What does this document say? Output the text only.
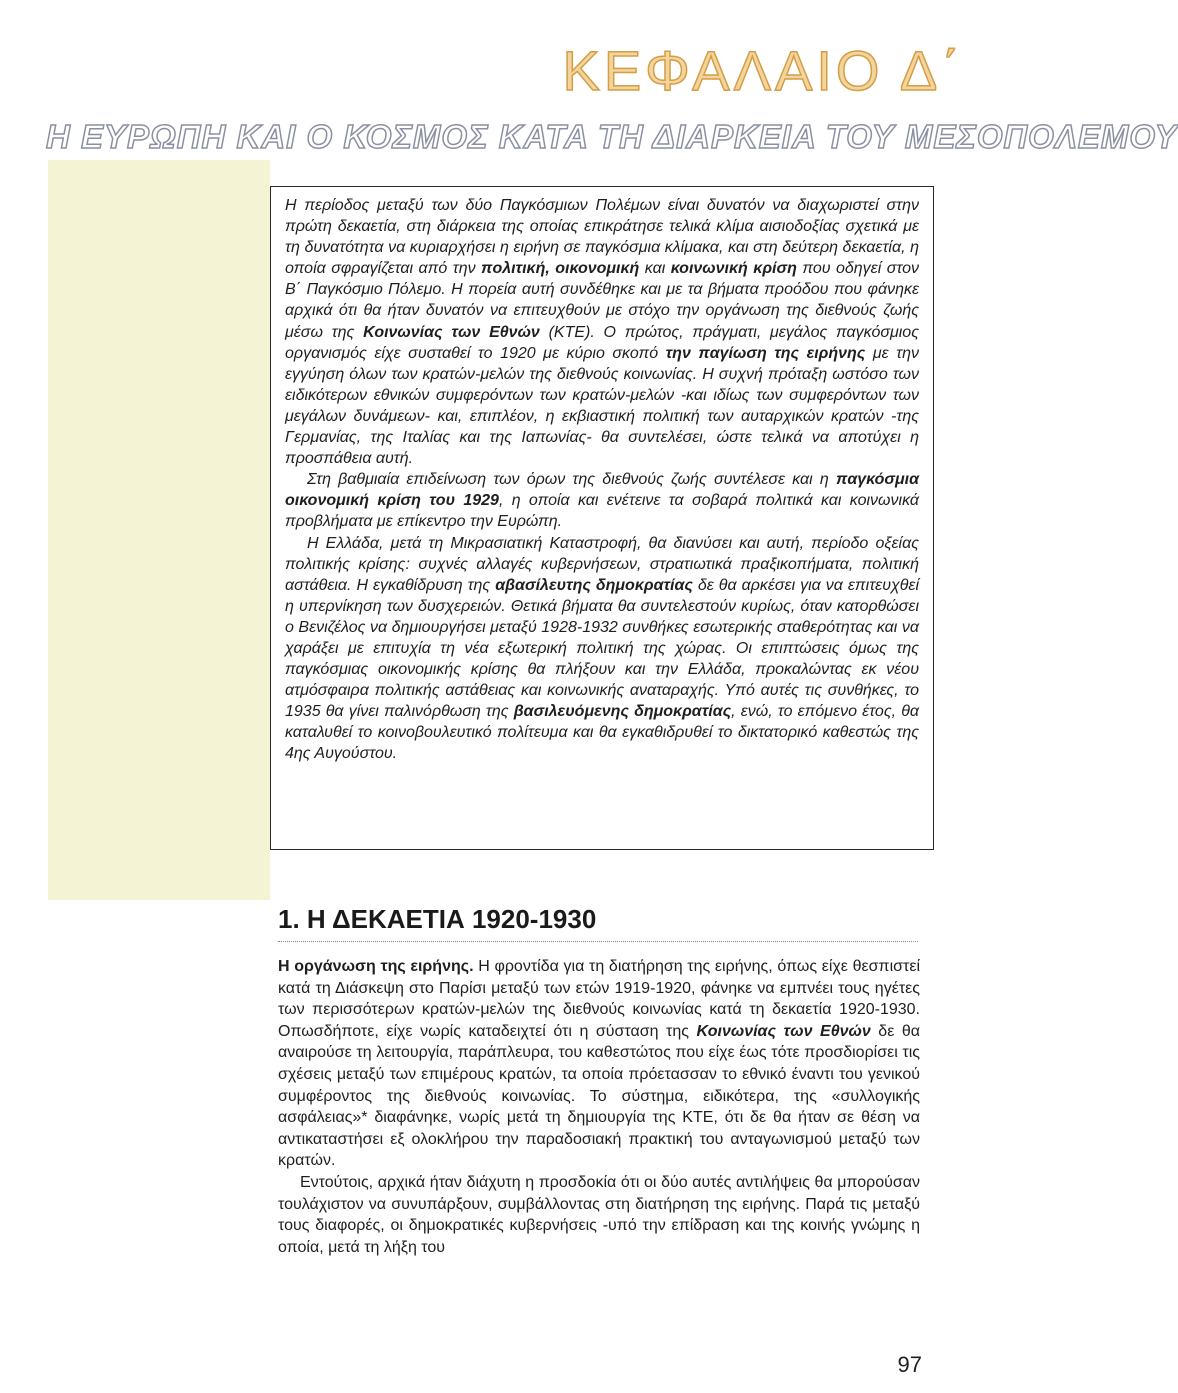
ΚΕΦΑΛΑΙΟ Δ΄
Η ΕΥΡΩΠΗ ΚΑΙ Ο ΚΟΣΜΟΣ ΚΑΤΑ ΤΗ ΔΙΑΡΚΕΙΑ ΤΟΥ ΜΕΣΟΠΟΛΕΜΟΥ

Η περίοδος μεταξύ των δύο Παγκόσμιων Πολέμων είναι δυνατόν να διαχωριστεί στην πρώτη δεκαετία, στη διάρκεια της οποίας επικράτησε τελικά κλίμα αισιοδοξίας σχετικά με τη δυνατότητα να κυριαρχήσει η ειρήνη σε παγκόσμια κλίμακα, και στη δεύτερη δεκαετία, η οποία σφραγίζεται από την πολιτική, οικονομική και κοινωνική κρίση που οδηγεί στον Β΄ Παγκόσμιο Πόλεμο. Η πορεία αυτή συνδέθηκε και με τα βήματα προόδου που φάνηκε αρχικά ότι θα ήταν δυνατόν να επιτευχθούν με στόχο την οργάνωση της διεθνούς ζωής μέσω της Κοινωνίας των Εθνών (ΚΤΕ). Ο πρώτος, πράγματι, μεγάλος παγκόσμιος οργανισμός είχε συσταθεί το 1920 με κύριο σκοπό την παγίωση της ειρήνης με την εγγύηση όλων των κρατών-μελών της διεθνούς κοινωνίας. Η συχνή πρόταξη ωστόσο των ειδικότερων εθνικών συμφερόντων των κρατών-μελών -και ιδίως των συμφερόντων των μεγάλων δυνάμεων- και, επιπλέον, η εκβιαστική πολιτική των αυταρχικών κρατών -της Γερμανίας, της Ιταλίας και της Ιαπωνίας- θα συντελέσει, ώστε τελικά να αποτύχει η προσπάθεια αυτή.

Στη βαθμιαία επιδείνωση των όρων της διεθνούς ζωής συντέλεσε και η παγκόσμια οικονομική κρίση του 1929, η οποία και ενέτεινε τα σοβαρά πολιτικά και κοινωνικά προβλήματα με επίκεντρο την Ευρώπη.

Η Ελλάδα, μετά τη Μικρασιατική Καταστροφή, θα διανύσει και αυτή, περίοδο οξείας πολιτικής κρίσης: συχνές αλλαγές κυβερνήσεων, στρατιωτικά πραξικοπήματα, πολιτική αστάθεια. Η εγκαθίδρυση της αβασίλευτης δημοκρατίας δε θα αρκέσει για να επιτευχθεί η υπερνίκηση των δυσχερειών. Θετικά βήματα θα συντελεστούν κυρίως, όταν κατορθώσει ο Βενιζέλος να δημιουργήσει μεταξύ 1928-1932 συνθήκες εσωτερικής σταθερότητας και να χαράξει με επιτυχία τη νέα εξωτερική πολιτική της χώρας. Οι επιπτώσεις όμως της παγκόσμιας οικονομικής κρίσης θα πλήξουν και την Ελλάδα, προκαλώντας εκ νέου ατμόσφαιρα πολιτικής αστάθειας και κοινωνικής αναταραχής. Υπό αυτές τις συνθήκες, το 1935 θα γίνει παλινόρθωση της βασιλευόμενης δημοκρατίας, ενώ, το επόμενο έτος, θα καταλυθεί το κοινοβουλευτικό πολίτευμα και θα εγκαθιδρυθεί το δικτατορικό καθεστώς της 4ης Αυγούστου.

1. Η ΔΕΚΑΕΤΙΑ 1920-1930

Η οργάνωση της ειρήνης. Η φροντίδα για τη διατήρηση της ειρήνης, όπως είχε θεσπιστεί κατά τη Διάσκεψη στο Παρίσι μεταξύ των ετών 1919-1920, φάνηκε να εμπνέει τους ηγέτες των περισσότερων κρατών-μελών της διεθνούς κοινωνίας κατά τη δεκαετία 1920-1930. Οπωσδήποτε, είχε νωρίς καταδειχτεί ότι η σύσταση της Κοινωνίας των Εθνών δε θα αναιρούσε τη λειτουργία, παράπλευρα, του καθεστώτος που είχε έως τότε προσδιορίσει τις σχέσεις μεταξύ των επιμέρους κρατών, τα οποία πρόετασσαν το εθνικό έναντι του γενικού συμφέροντος της διεθνούς κοινωνίας. Το σύστημα, ειδικότερα, της «συλλογικής ασφάλειας»* διαφάνηκε, νωρίς μετά τη δημιουργία της ΚΤΕ, ότι δε θα ήταν σε θέση να αντικαταστήσει εξ ολοκλήρου την παραδοσιακή πρακτική του ανταγωνισμού μεταξύ των κρατών.

Εντούτοις, αρχικά ήταν διάχυτη η προσδοκία ότι οι δύο αυτές αντιλήψεις θα μπορούσαν τουλάχιστον να συνυπάρξουν, συμβάλλοντας στη διατήρηση της ειρήνης. Παρά τις μεταξύ τους διαφορές, οι δημοκρατικές κυβερνήσεις -υπό την επίδραση και της κοινής γνώμης η οποία, μετά τη λήξη του

97
